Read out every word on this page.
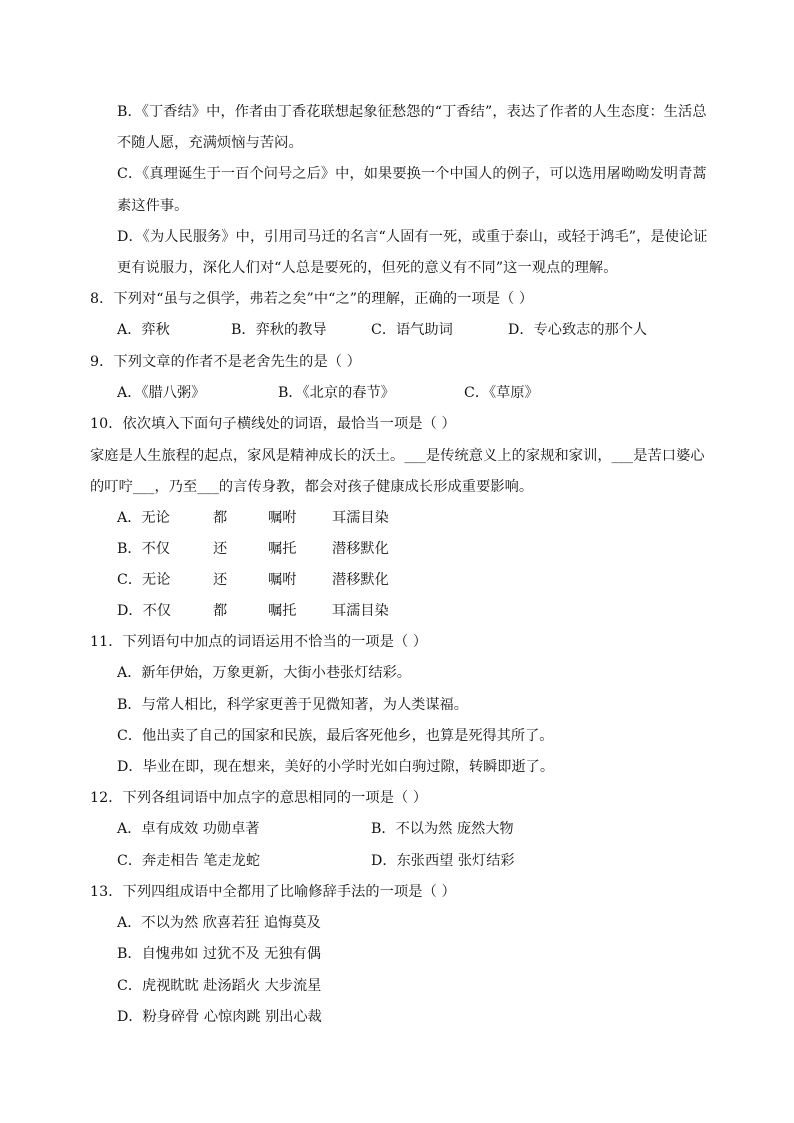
B．《丁香结》中，作者由丁香花联想起象征愁怨的“丁香结”，表达了作者的人生态度：生活总
不随人愿，充满烦恼与苦闷。
C．《真理诞生于一百个问号之后》中，如果要换一个中国人的例子，可以选用屠呦呦发明青蒿
素这件事。
D．《为人民服务》中，引用司马迁的名言“人固有一死，或重于泰山，或轻于鸿毛”，是使论证
更有说服力，深化人们对“人总是要死的，但死的意义有不同”这一观点的理解。
8．下列对“虽与之俱学，弗若之矣”中“之”的理解，正确的一项是（ ）
A．弈秋	B．弈秋的教导	C．语气助词	D．专心致志的那个人
9．下列文章的作者不是老舍先生的是（ ）
A．《腊八粥》	B．《北京的春节》	C．《草原》
10．依次填入下面句子横线处的词语，最恰当一项是（ ）
家庭是人生旅程的起点，家风是精神成长的沃土。___是传统意义上的家规和家训，___是苦口婆心
的叮咛___，乃至___的言传身教，都会对孩子健康成长形成重要影响。
A．无论	都	嘱咐	耳濡目染
B．不仅	还	嘱托	潜移默化
C．无论	还	嘱咐	潜移默化
D．不仅	都	嘱托	耳濡目染
11．下列语句中加点的词语运用不恰当的一项是（ ）
A．新年伊始，万象更新，大街小巷张灯结彩。
B．与常人相比，科学家更善于见微知著，为人类谋福。
C．他出卖了自己的国家和民族，最后客死他乡，也算是死得其所了。
D．毕业在即，现在想来，美好的小学时光如白驹过隙，转瞬即逝了。
12．下列各组词语中加点字的意思相同的一项是（ ）
A．卓有成效 功勋卓著	B．不以为然 庞然大物
C．奔走相告 笔走龙蛇	D．东张西望 张灯结彩
13．下列四组成语中全都用了比喻修辞手法的一项是（ ）
A．不以为然 欣喜若狂 追悔莫及
B．自愧弗如 过犹不及 无独有偶
C．虎视眈眈 赴汤蹈火 大步流星
D．粉身碎骨 心惊肉跳 别出心裁
